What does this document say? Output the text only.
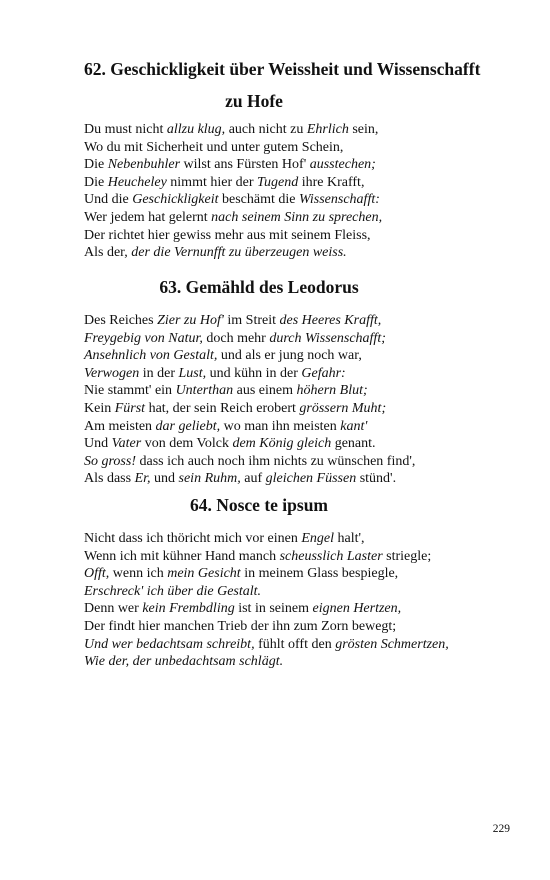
62. Geschickligkeit über Weissheit und Wissenschafft
zu Hofe
Du must nicht allzu klug, auch nicht zu Ehrlich sein,
Wo du mit Sicherheit und unter gutem Schein,
Die Nebenbuhler wilst ans Fürsten Hof' ausstechen;
Die Heucheley nimmt hier der Tugend ihre Krafft,
Und die Geschickligkeit beschämt die Wissenschafft:
Wer jedem hat gelernt nach seinem Sinn zu sprechen,
Der richtet hier gewiss mehr aus mit seinem Fleiss,
Als der, der die Vernunfft zu überzeugen weiss.
63. Gemähld des Leodorus
Des Reiches Zier zu Hof' im Streit des Heeres Krafft,
Freygebig von Natur, doch mehr durch Wissenschafft;
Ansehnlich von Gestalt, und als er jung noch war,
Verwogen in der Lust, und kühn in der Gefahr:
Nie stammt' ein Unterthan aus einem höhern Blut;
Kein Fürst hat, der sein Reich erobert grössern Muht;
Am meisten dar geliebt, wo man ihn meisten kant'
Und Vater von dem Volck dem König gleich genant.
So gross! dass ich auch noch ihm nichts zu wünschen find',
Als dass Er, und sein Ruhm, auf gleichen Füssen stünd'.
64. Nosce te ipsum
Nicht dass ich thöricht mich vor einen Engel halt',
Wenn ich mit kühner Hand manch scheusslich Laster striegle;
Offt, wenn ich mein Gesicht in meinem Glass bespiegle,
Erschreck' ich über die Gestalt.
Denn wer kein Frembdling ist in seinem eignen Hertzen,
Der findt hier manchen Trieb der ihn zum Zorn bewegt;
Und wer bedachtsam schreibt, fühlt offt den grösten Schmertzen,
Wie der, der unbedachtsam schlägt.
229
